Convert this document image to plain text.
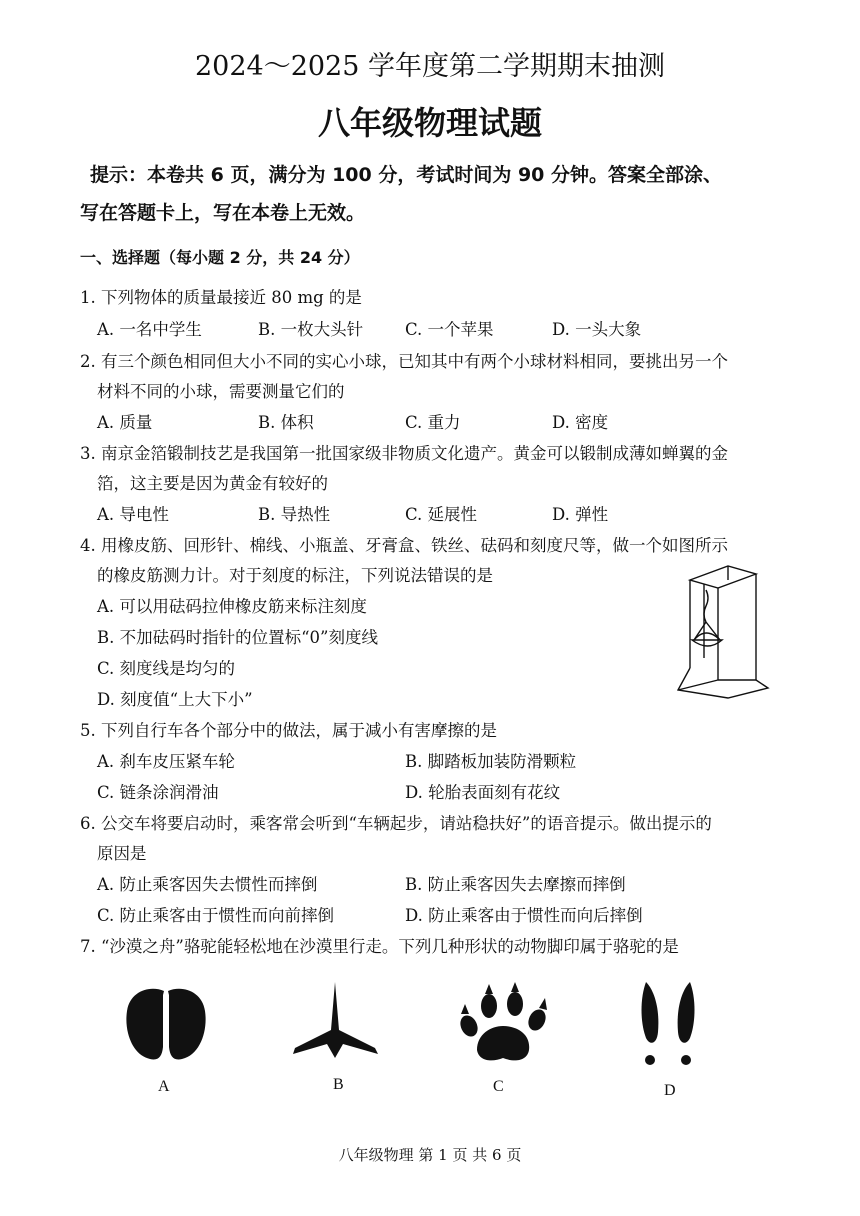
2024～2025 学年度第二学期期末抽测
八年级物理试题
提示：本卷共 6 页，满分为 100 分，考试时间为 90 分钟。答案全部涂、
写在答题卡上，写在本卷上无效。
一、选择题（每小题 2 分，共 24 分）
1. 下列物体的质量最接近 80 mg 的是
A. 一名中学生	B. 一枚大头针	C. 一个苹果	D. 一头大象
2. 有三个颜色相同但大小不同的实心小球，已知其中有两个小球材料相同，要挑出另一个
材料不同的小球，需要测量它们的
A. 质量	B. 体积	C. 重力	D. 密度
3. 南京金箔锻制技艺是我国第一批国家级非物质文化遗产。黄金可以锻制成薄如蝉翼的金
箔，这主要是因为黄金有较好的
A. 导电性	B. 导热性	C. 延展性	D. 弹性
4. 用橡皮筋、回形针、棉线、小瓶盖、牙膏盒、铁丝、砝码和刻度尺等，做一个如图所示
的橡皮筋测力计。对于刻度的标注，下列说法错误的是
A. 可以用砝码拉伸橡皮筋来标注刻度
B. 不加砝码时指针的位置标“0”刻度线
C. 刻度线是均匀的
D. 刻度值“上大下小”
5. 下列自行车各个部分中的做法，属于减小有害摩擦的是
A. 刹车皮压紧车轮	B. 脚踏板加装防滑颗粒
C. 链条涂润滑油	D. 轮胎表面刻有花纹
6. 公交车将要启动时，乘客常会听到“车辆起步，请站稳扶好”的语音提示。做出提示的
原因是
A. 防止乘客因失去惯性而摔倒	B. 防止乘客因失去摩擦而摔倒
C. 防止乘客由于惯性而向前摔倒	D. 防止乘客由于惯性而向后摔倒
7. “沙漠之舟”骆驼能轻松地在沙漠里行走。下列几种形状的动物脚印属于骆驼的是
A	B	C	D
八年级物理 第 1 页 共 6 页
